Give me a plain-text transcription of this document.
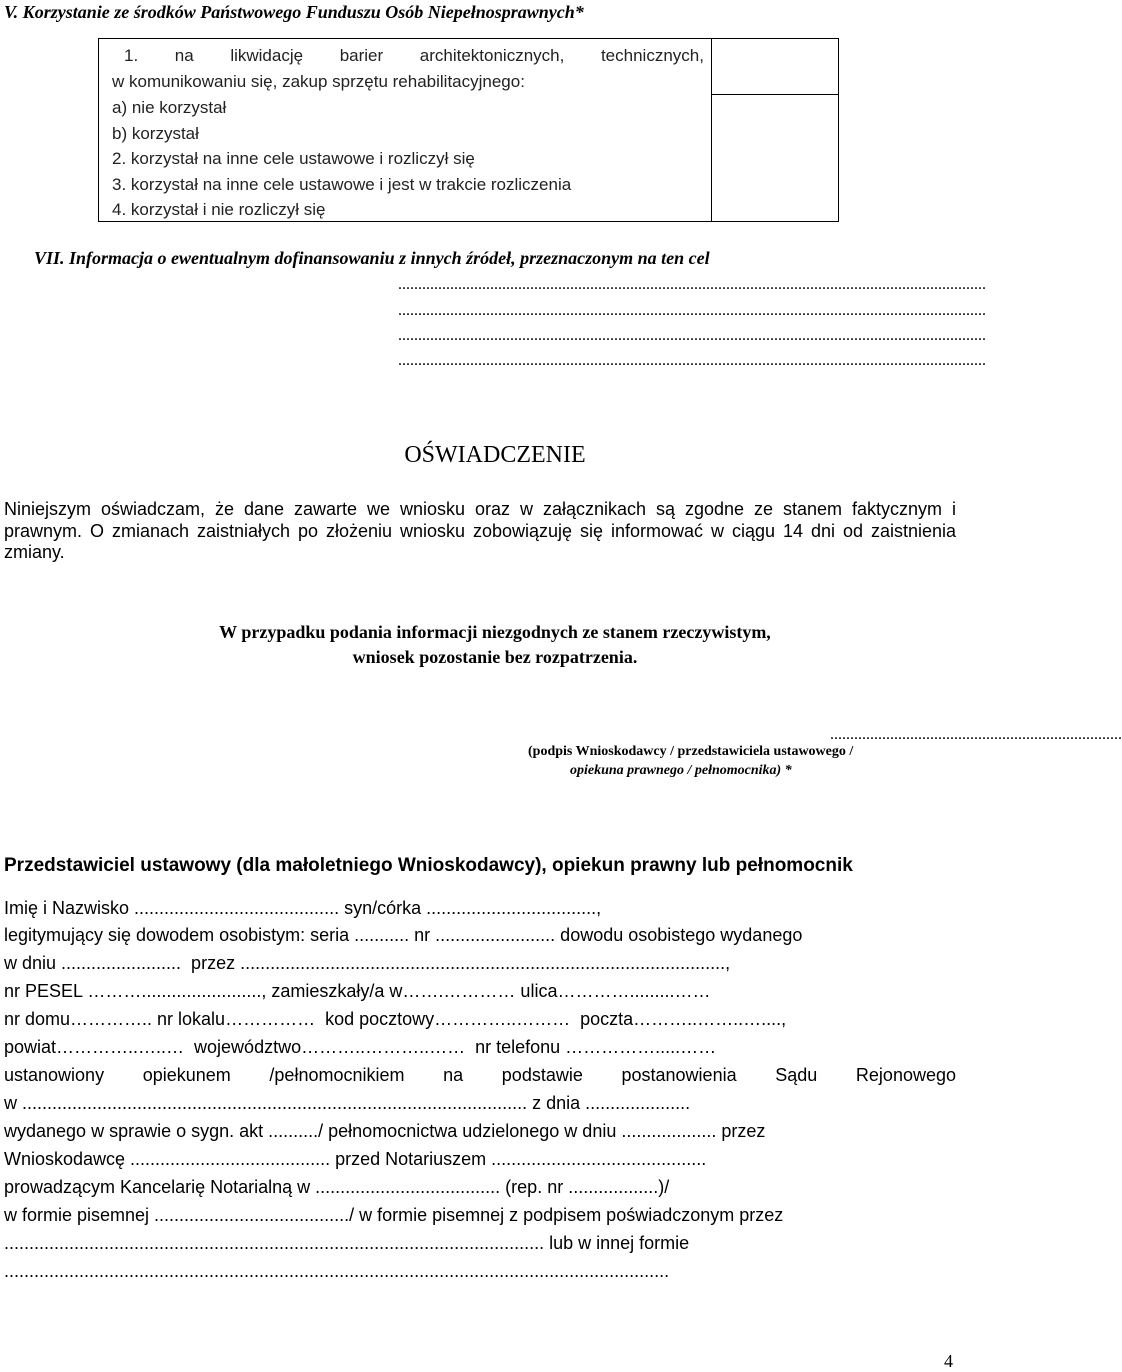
V. Korzystanie ze środków Państwowego Funduszu Osób Niepełnosprawnych*
1. na likwidację barier architektonicznych, technicznych,
w komunikowaniu się, zakup sprzętu rehabilitacyjnego:
a) nie korzystał
b) korzystał
2. korzystał na inne cele ustawowe i rozliczył się
3. korzystał na inne cele ustawowe i jest w trakcie rozliczenia
4. korzystał i nie rozliczył się
VII. Informacja o ewentualnym dofinansowaniu z innych źródeł, przeznaczonym na ten cel
...................................................................................................................................................
...................................................................................................................................................
...................................................................................................................................................
...................................................................................................................................................
OŚWIADCZENIE
Niniejszym oświadczam, że dane zawarte we wniosku oraz w załącznikach są zgodne ze stanem faktycznym i prawnym. O zmianach zaistniałych po złożeniu wniosku zobowiązuję się informować w ciągu 14 dni od zaistnienia zmiany.
W przypadku podania informacji niezgodnych ze stanem rzeczywistym,
wniosek pozostanie bez rozpatrzenia.
.........................................................................
(podpis Wnioskodawcy / przedstawiciela ustawowego /
opiekuna prawnego / pełnomocnika) *
Przedstawiciel ustawowy (dla małoletniego Wnioskodawcy), opiekun prawny lub pełnomocnik
Imię i Nazwisko ......................................... syn/córka ..................................,
legitymujący się dowodem osobistym: seria ........... nr ........................ dowodu osobistego wydanego
w dniu ........................  przez .................................................................................................,
nr PESEL ………........................, zamieszkały/a w…….………… ulica………….........……
nr domu………….. nr lokalu……………  kod pocztowy…………..………  poczta………..……..…....,
powiat…………..…..…  województwo………..………..……  nr telefonu …………….....……
ustanowiony opiekunem /pełnomocnikiem na podstawie postanowienia Sądu Rejonowego
w ..................................................................................................... z dnia .....................
wydanego w sprawie o sygn. akt ........../ pełnomocnictwa udzielonego w dniu ................... przez
Wnioskodawcę ........................................ przed Notariuszem ...........................................
prowadzącym Kancelarię Notarialną w ..................................... (rep. nr ..................)/
w formie pisemnej ......................................./ w formie pisemnej z podpisem poświadczonym przez
............................................................................................................ lub w innej formie
.....................................................................................................................................
4
